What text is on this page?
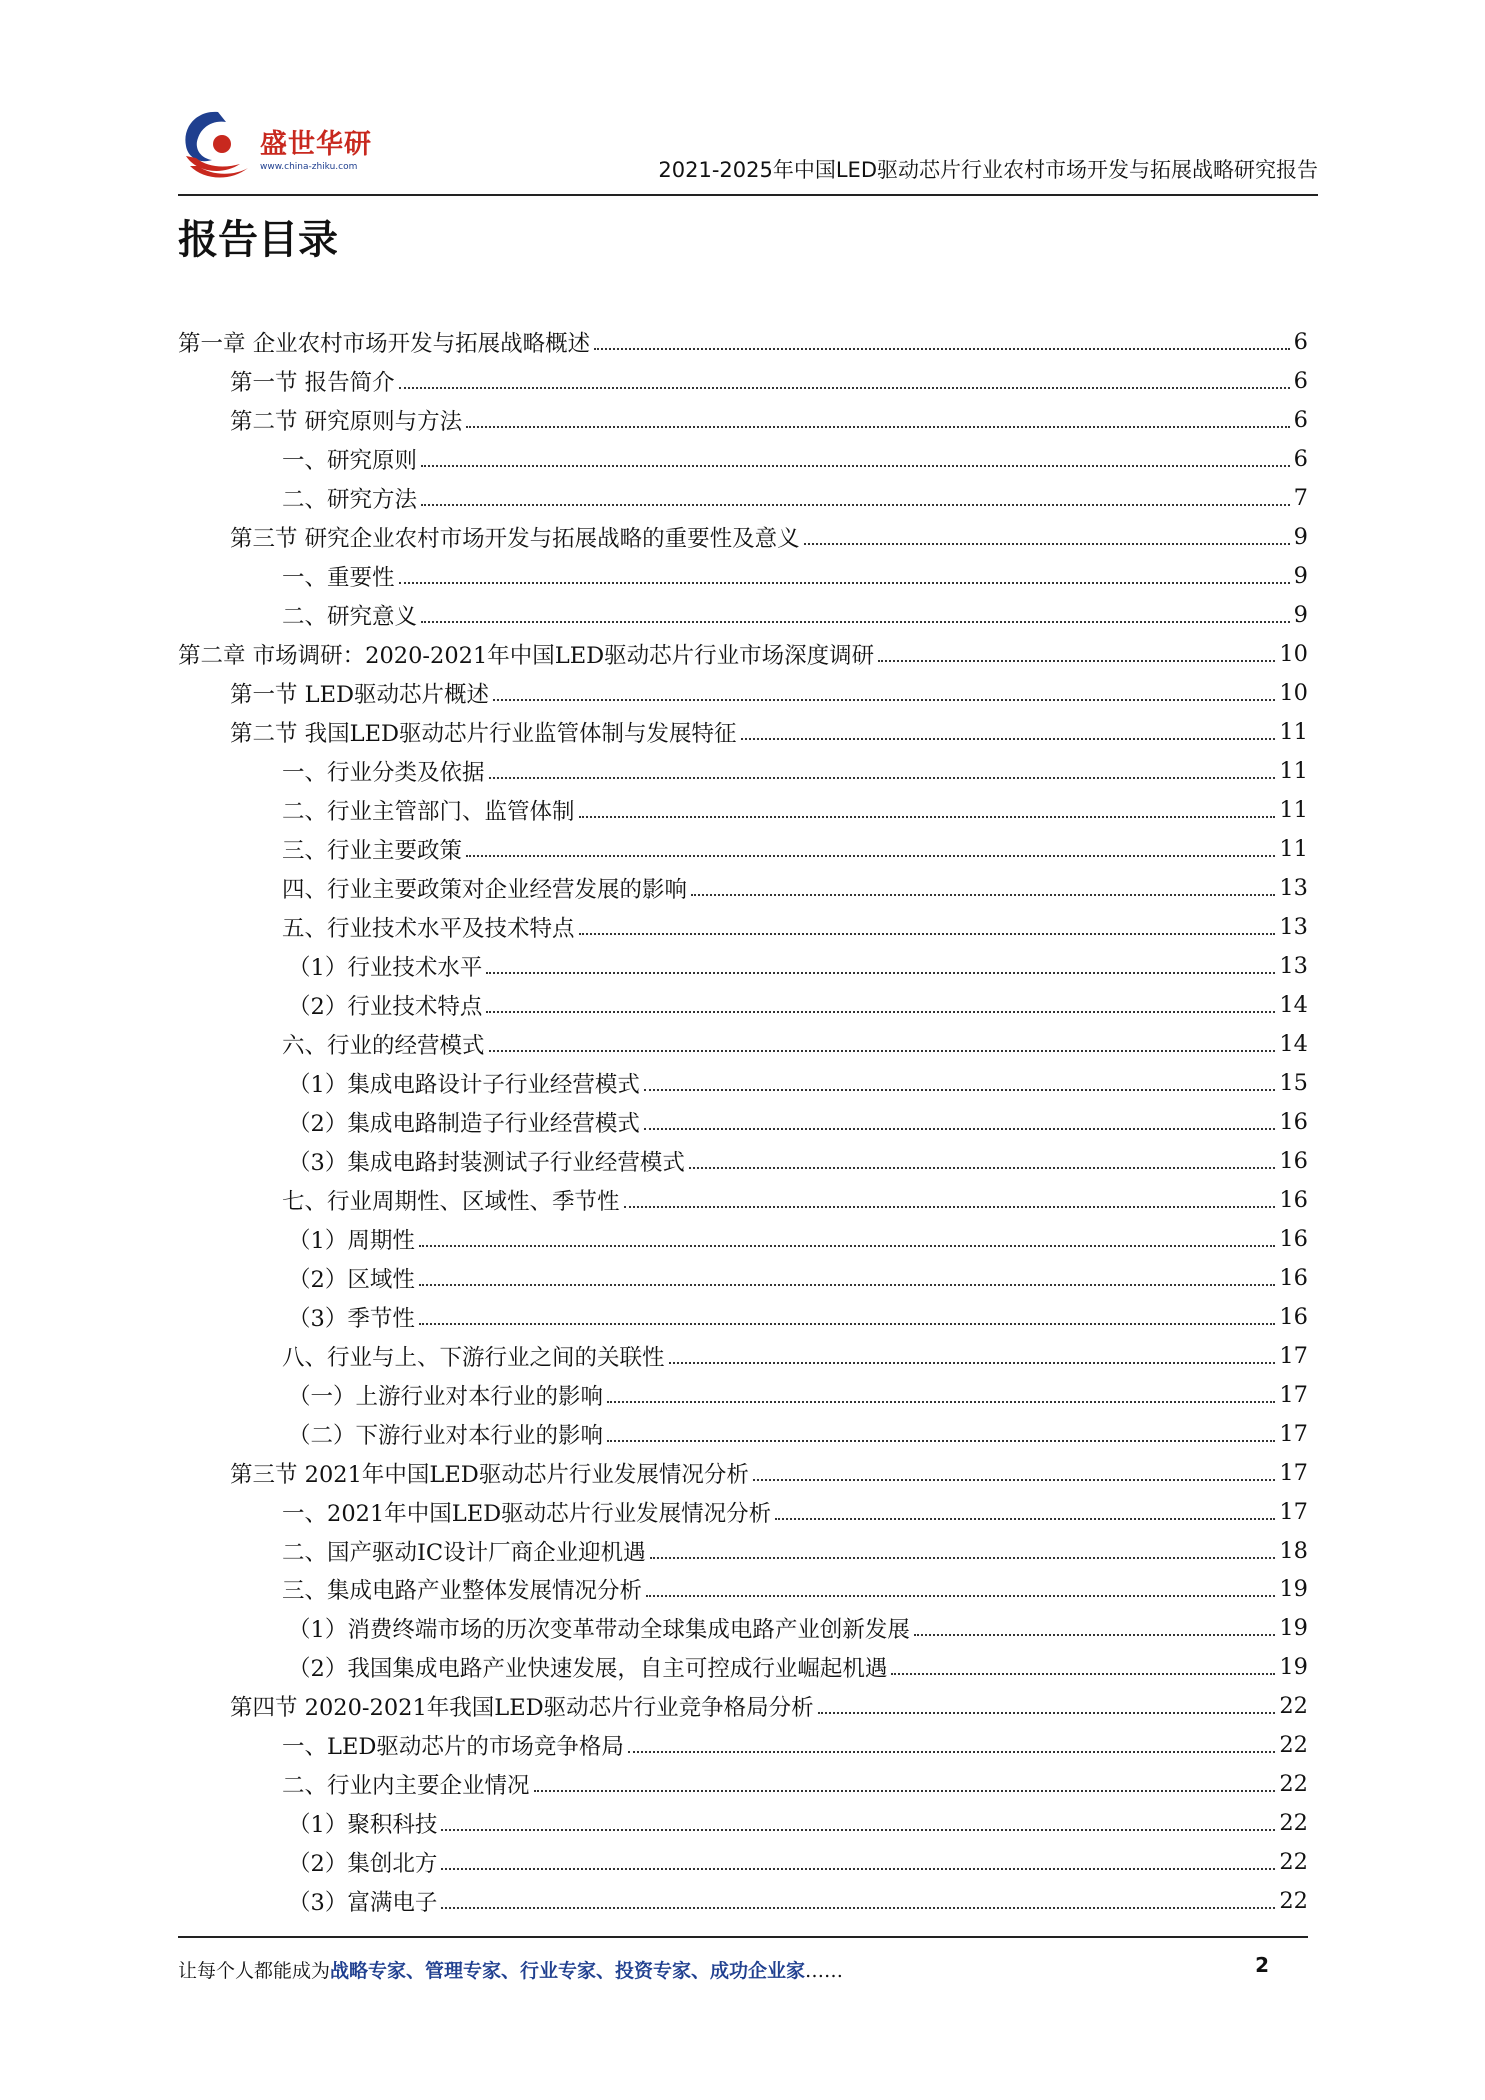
盛世华研
www.china-zhiku.com	2021-2025年中国LED驱动芯片行业农村市场开发与拓展战略研究报告
报告目录
第一章 企业农村市场开发与拓展战略概述	6
第一节 报告简介	6
第二节 研究原则与方法	6
一、研究原则	6
二、研究方法	7
第三节 研究企业农村市场开发与拓展战略的重要性及意义	9
一、重要性	9
二、研究意义	9
第二章 市场调研：2020-2021年中国LED驱动芯片行业市场深度调研	10
第一节 LED驱动芯片概述	10
第二节 我国LED驱动芯片行业监管体制与发展特征	11
一、行业分类及依据	11
二、行业主管部门、监管体制	11
三、行业主要政策	11
四、行业主要政策对企业经营发展的影响	13
五、行业技术水平及技术特点	13
（1）行业技术水平	13
（2）行业技术特点	14
六、行业的经营模式	14
（1）集成电路设计子行业经营模式	15
（2）集成电路制造子行业经营模式	16
（3）集成电路封装测试子行业经营模式	16
七、行业周期性、区域性、季节性	16
（1）周期性	16
（2）区域性	16
（3）季节性	16
八、行业与上、下游行业之间的关联性	17
（一）上游行业对本行业的影响	17
（二）下游行业对本行业的影响	17
第三节 2021年中国LED驱动芯片行业发展情况分析	17
一、2021年中国LED驱动芯片行业发展情况分析	17
二、国产驱动IC设计厂商企业迎机遇	18
三、集成电路产业整体发展情况分析	19
（1）消费终端市场的历次变革带动全球集成电路产业创新发展	19
（2）我国集成电路产业快速发展，自主可控成行业崛起机遇	19
第四节 2020-2021年我国LED驱动芯片行业竞争格局分析	22
一、LED驱动芯片的市场竞争格局	22
二、行业内主要企业情况	22
（1）聚积科技	22
（2）集创北方	22
（3）富满电子	22
让每个人都能成为战略专家、管理专家、行业专家、投资专家、成功企业家……	2
